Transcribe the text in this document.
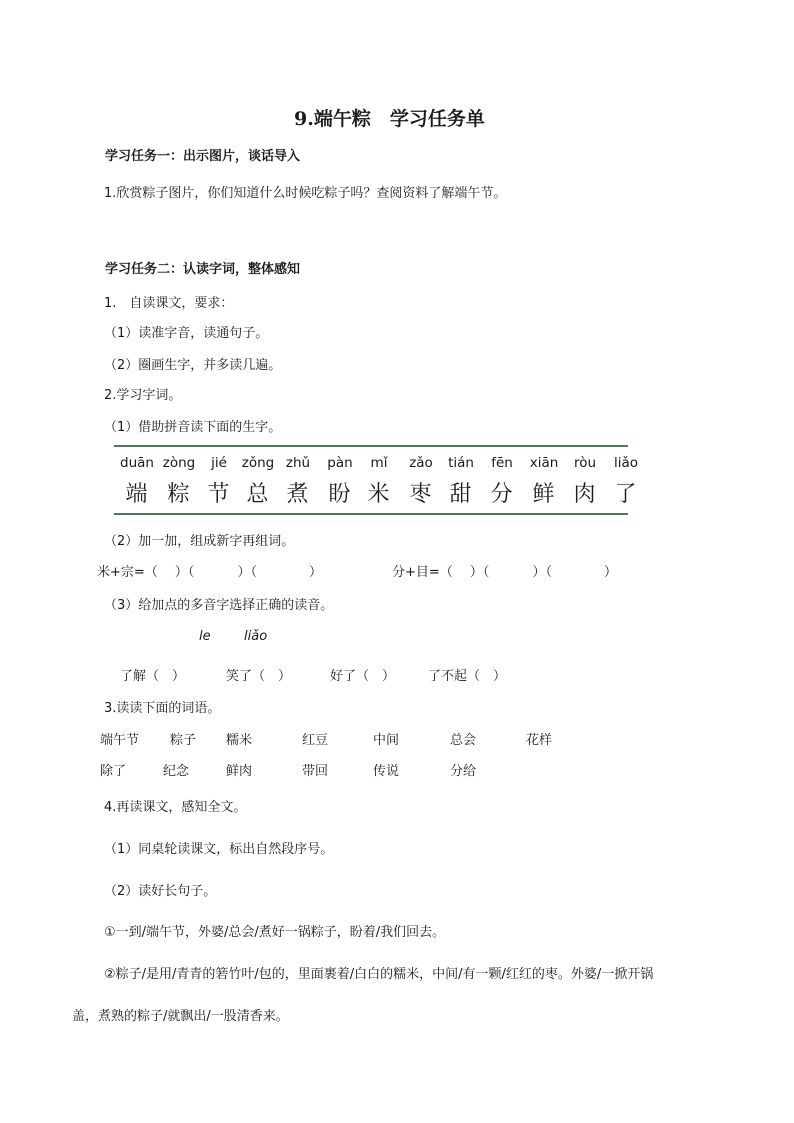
9.端午粽　学习任务单
学习任务一：出示图片，谈话导入
1.欣赏粽子图片，你们知道什么时候吃粽子吗？查阅资料了解端午节。
学习任务二：认读字词，整体感知
1.　自读课文，要求：
（1）读准字音，读通句子。
（2）圈画生字，并多读几遍。
2.学习字词。
（1）借助拼音读下面的生字。
duān zòng	jié	zǒng zhǔ	pàn	mǐ	zǎo	tián	fēn	xiān	ròu	liǎo
端 粽 节 总 煮 盼 米 枣 甜 分 鲜 肉 了
（2）加一加，组成新字再组词。
米+宗=（　 ）（　　　 ）（　　　　）	分+目=（　 ）（　　　 ）（　　　　）
（3）给加点的多音字选择正确的读音。
le	liǎo
了解（　）	笑了（　）	好了（　）	了不起（　）
3.读读下面的词语。
端午节 粽子 糯米	红豆	中间	总会	花样
除了	纪念	鲜肉	带回	传说	分给
4.再读课文，感知全文。
（1）同桌轮读课文，标出自然段序号。
（2）读好长句子。
①一到/端午节，外婆/总会/煮好一锅粽子，盼着/我们回去。
②粽子/是用/青青的箬竹叶/包的，里面裹着/白白的糯米，中间/有一颗/红红的枣。外婆/一掀开锅
盖，煮熟的粽子/就飘出/一股清香来。
